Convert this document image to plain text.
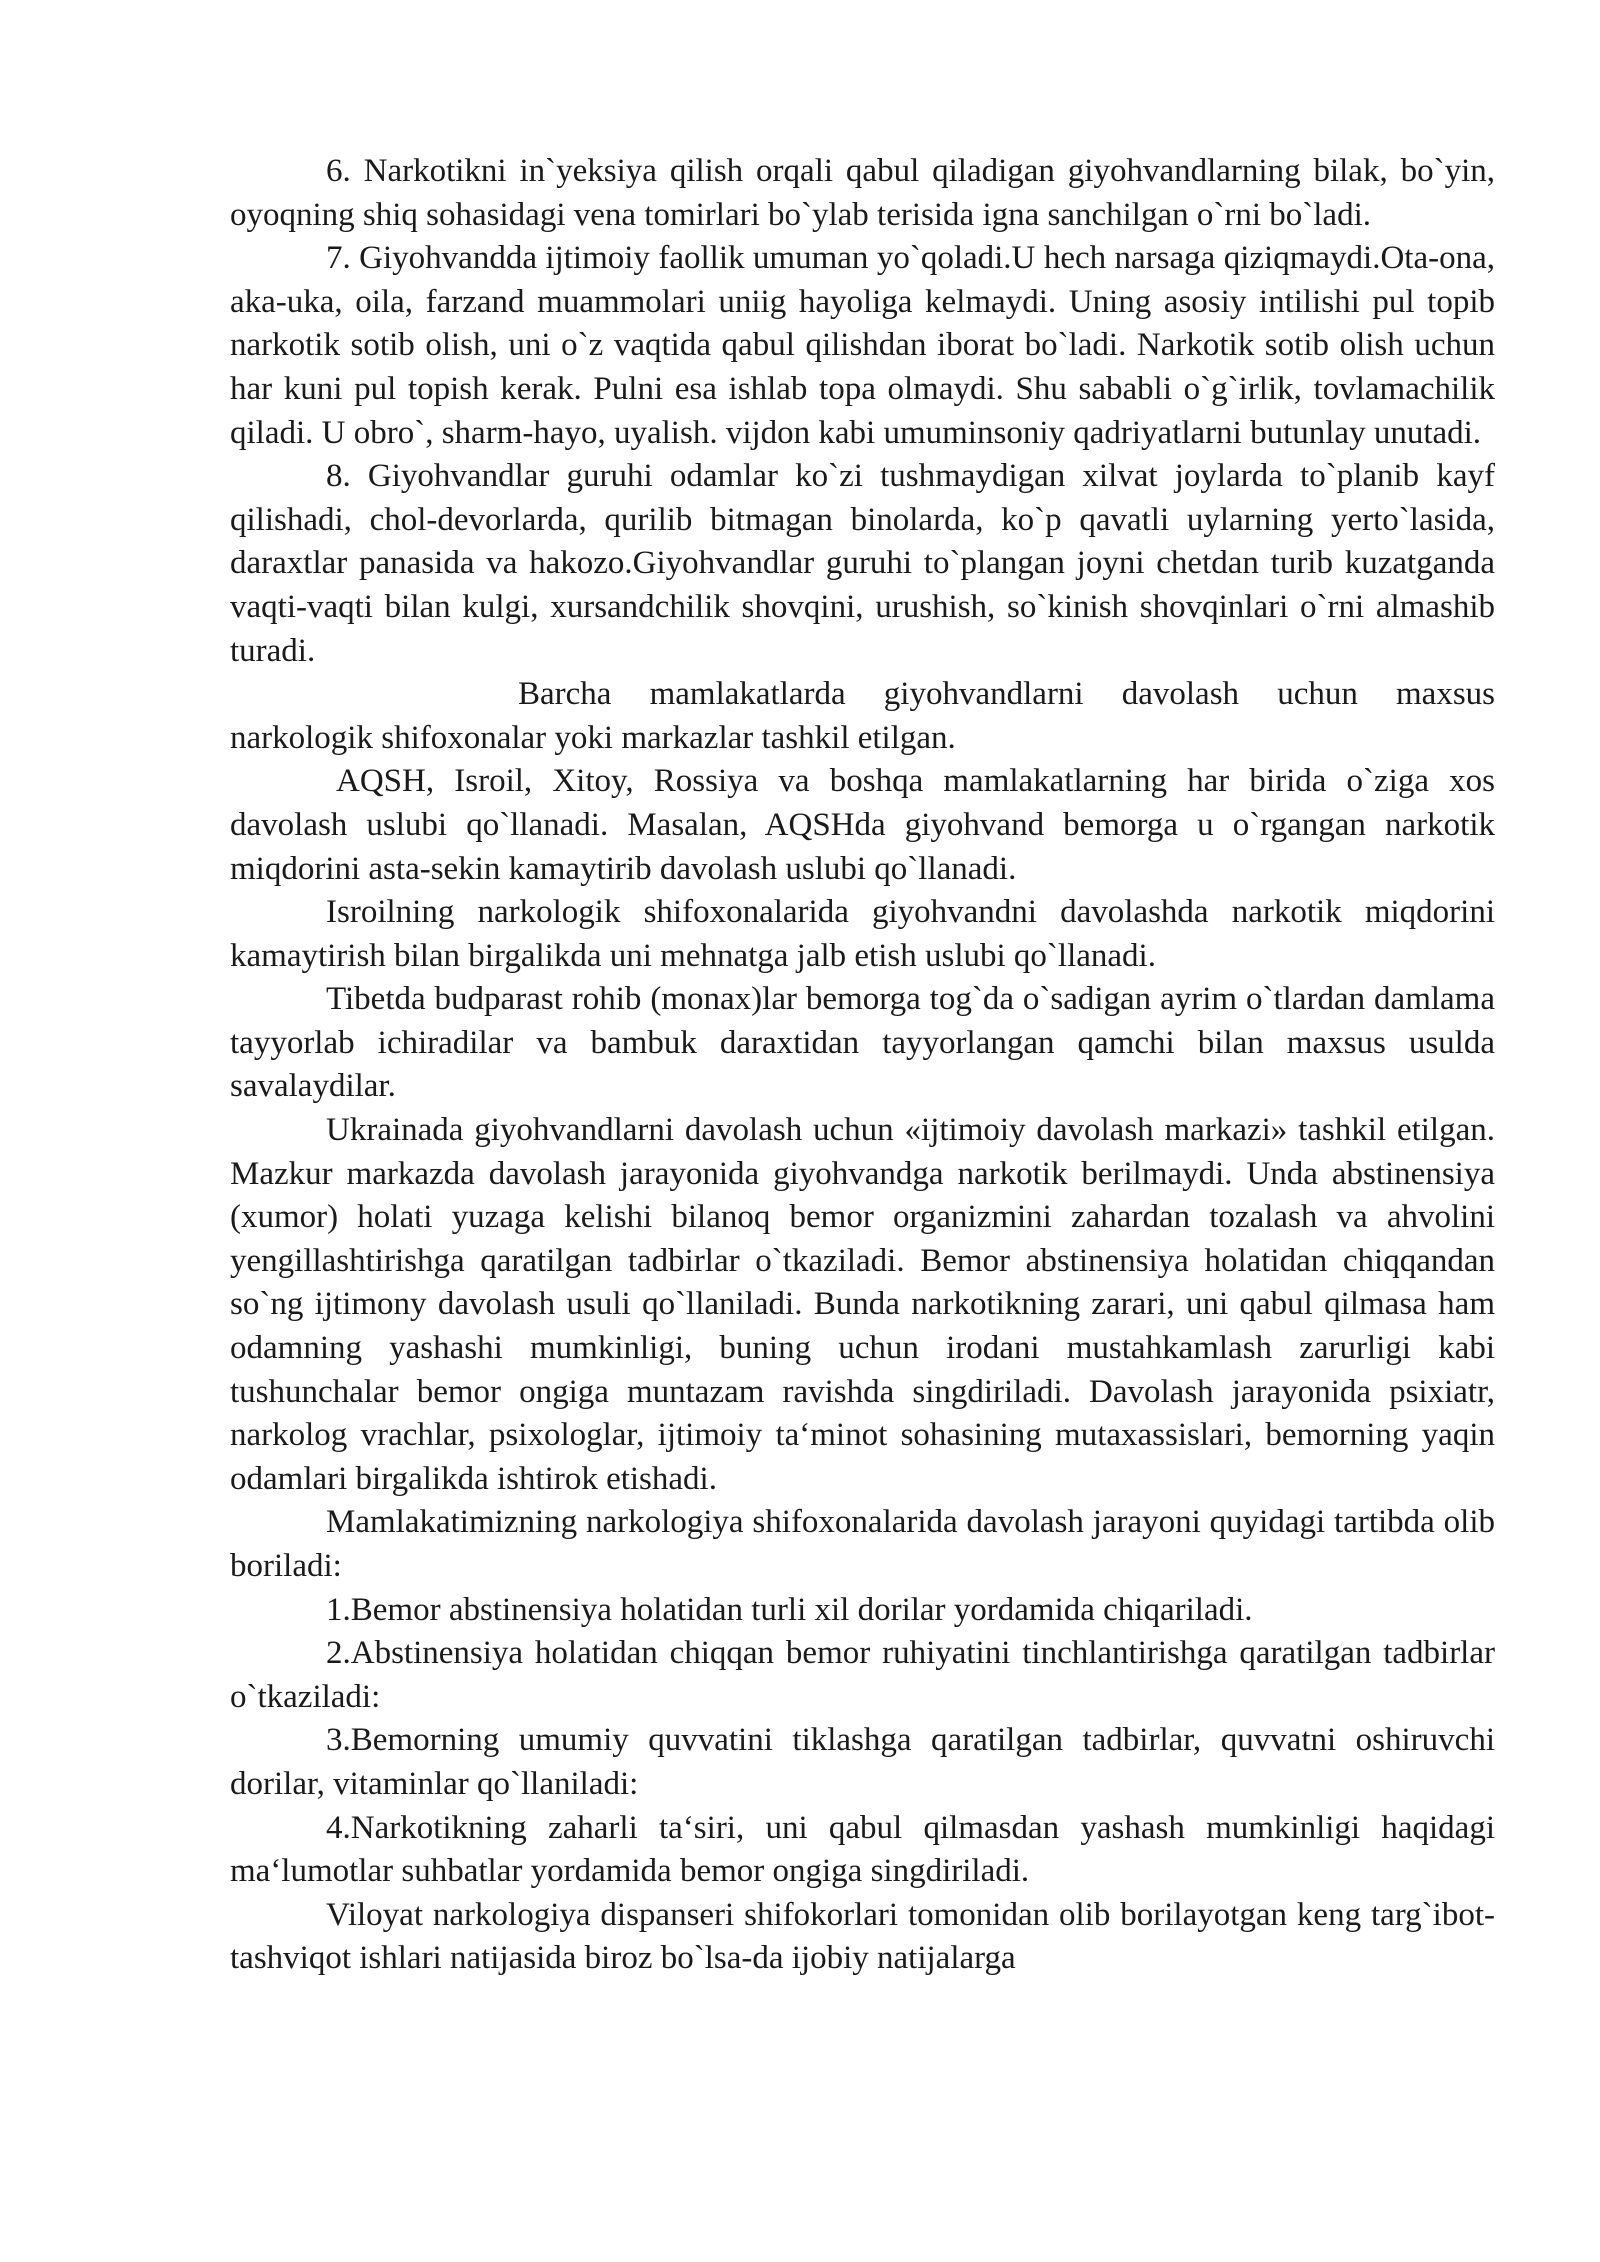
6. Narkotikni in`yeksiya qilish orqali qabul qiladigan giyohvandlarning bilak, bo`yin, oyoqning shiq sohasidagi vena tomirlari bo`ylab terisida igna sanchilgan o`rni bo`ladi.

7. Giyohvandda ijtimoiy faollik umuman yo`qoladi.U hech narsaga qiziqmaydi.Ota-ona, aka-uka, oila, farzand muammolari uniig hayoliga kelmaydi. Uning asosiy intilishi pul topib narkotik sotib olish, uni o`z vaqtida qabul qilishdan iborat bo`ladi. Narkotik sotib olish uchun har kuni pul topish kerak. Pulni esa ishlab topa olmaydi. Shu sababli o`g`irlik, tovlamachilik qiladi. U obro`, sharm-hayo, uyalish. vijdon kabi umuminsoniy qadriyatlarni butunlay unutadi.

8. Giyohvandlar guruhi odamlar ko`zi tushmaydigan xilvat joylarda to`planib kayf qilishadi, chol-devorlarda, qurilib bitmagan binolarda, ko`p qavatli uylarning yerto`lasida, daraxtlar panasida va hakozo.Giyohvandlar guruhi to`plangan joyni chetdan turib kuzatganda vaqti-vaqti bilan kulgi, xursandchilik shovqini, urushish, so`kinish shovqinlari o`rni almashib turadi.

Barcha mamlakatlarda giyohvandlarni davolash uchun maxsus narkologik shifoxonalar yoki markazlar tashkil etilgan.

AQSH, Isroil, Xitoy, Rossiya va boshqa mamlakatlarning har birida o`ziga xos davolash uslubi qo`llanadi. Masalan, AQSHda giyohvand bemorga u o`rgangan narkotik miqdorini asta-sekin kamaytirib davolash uslubi qo`llanadi.

Isroilning narkologik shifoxonalarida giyohvandni davolashda narkotik miqdorini kamaytirish bilan birgalikda uni mehnatga jalb etish uslubi qo`llanadi.

Tibetda budparast rohib (monax)lar bemorga tog`da o`sadigan ayrim o`tlardan damlama tayyorlab ichiradilar va bambuk daraxtidan tayyorlangan qamchi bilan maxsus usulda savalaydilar.

Ukrainada giyohvandlarni davolash uchun «ijtimoiy davolash markazi» tashkil etilgan. Mazkur markazda davolash jarayonida giyohvandga narkotik berilmaydi. Unda abstinensiya (xumor) holati yuzaga kelishi bilanoq bemor organizmini zahardan tozalash va ahvolini yengillashtirishga qaratilgan tadbirlar o`tkaziladi. Bemor abstinensiya holatidan chiqqandan so`ng ijtimony davolash usuli qo`llaniladi. Bunda narkotikning zarari, uni qabul qilmasa ham odamning yashashi mumkinligi, buning uchun irodani mustahkamlash zarurligi kabi tushunchalar bemor ongiga muntazam ravishda singdiriladi. Davolash jarayonida psixiatr, narkolog vrachlar, psixologlar, ijtimoiy ta‘minot sohasining mutaxassislari, bemorning yaqin odamlari birgalikda ishtirok etishadi.

Mamlakatimizning narkologiya shifoxonalarida davolash jarayoni quyidagi tartibda olib boriladi:

1.Bemor abstinensiya holatidan turli xil dorilar yordamida chiqariladi.

2.Abstinensiya holatidan chiqqan bemor ruhiyatini tinchlantirishga qaratilgan tadbirlar o`tkaziladi:

3.Bemorning umumiy quvvatini tiklashga qaratilgan tadbirlar, quvvatni oshiruvchi dorilar, vitaminlar qo`llaniladi:

4.Narkotikning zaharli ta‘siri, uni qabul qilmasdan yashash mumkinligi haqidagi ma‘lumotlar suhbatlar yordamida bemor ongiga singdiriladi.

Viloyat narkologiya dispanseri shifokorlari tomonidan olib borilayotgan keng targ`ibot-tashviqot ishlari natijasida biroz bo`lsa-da ijobiy natijalarga
